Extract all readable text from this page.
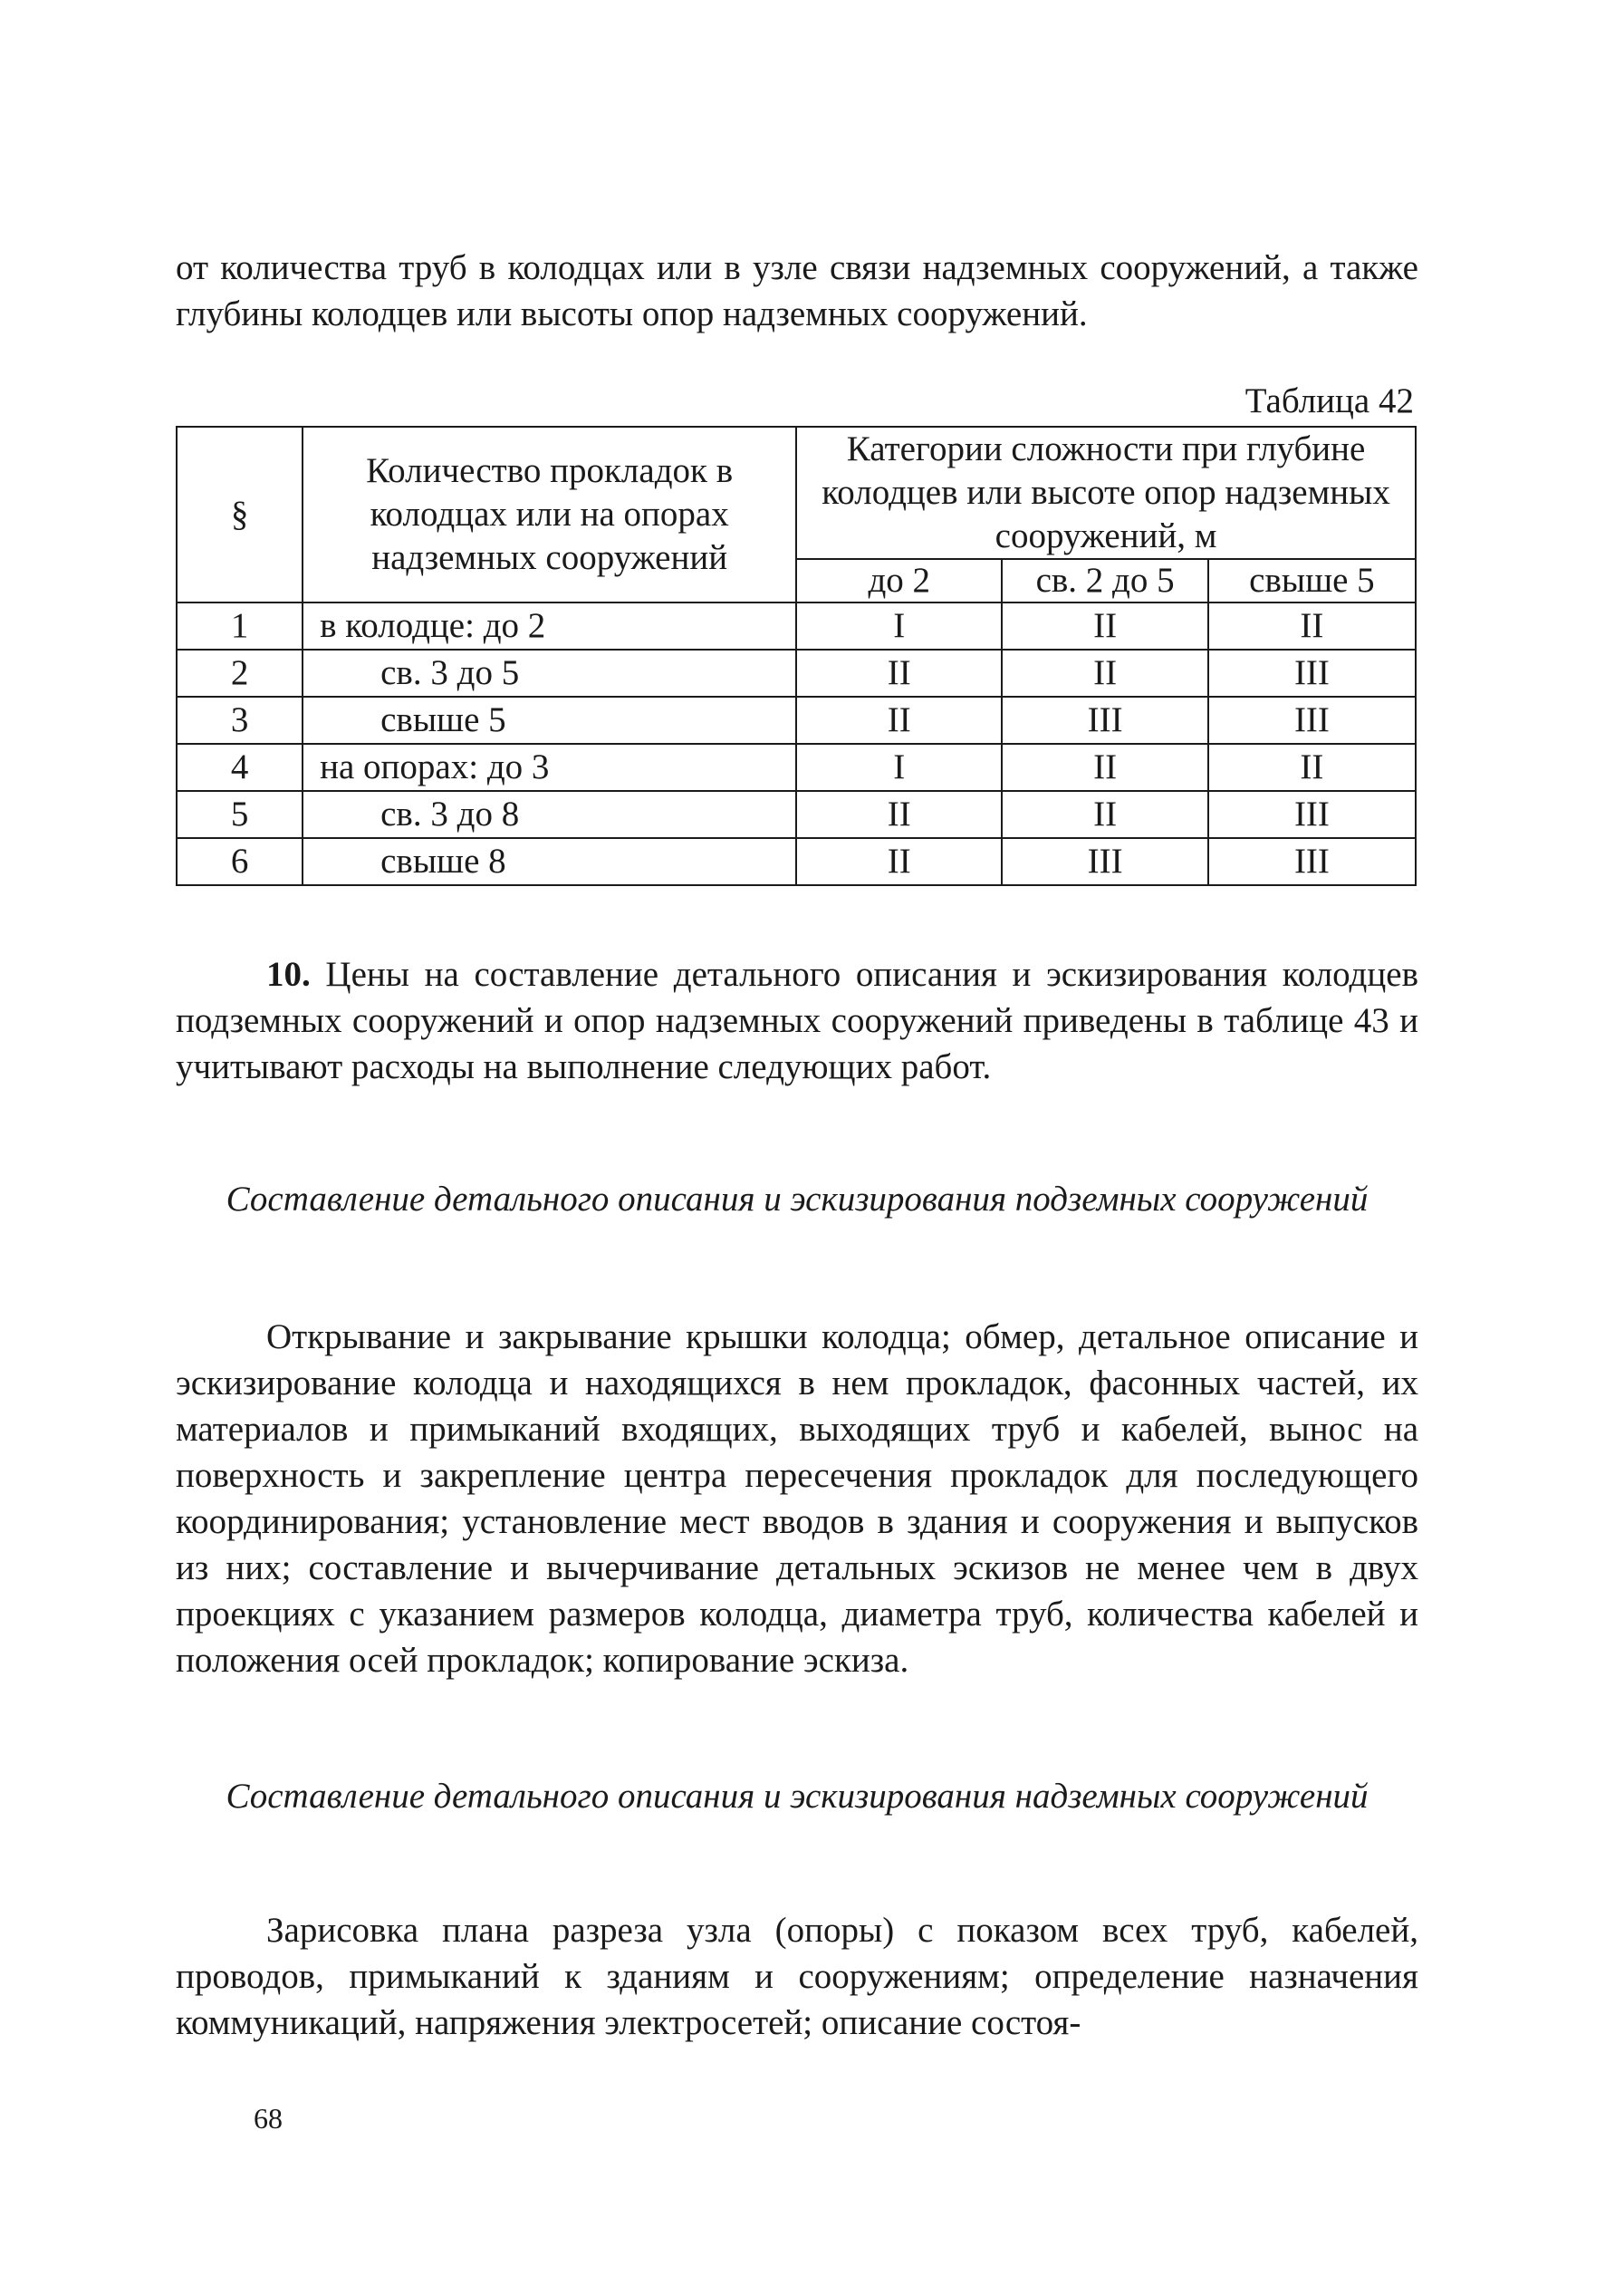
от количества труб в колодцах или в узле связи надземных сооружений, а также глубины колодцев или высоты опор надземных сооружений.

Таблица 42

§	Количество прокладок в колодцах или на опорах надземных сооружений	Категории сложности при глубине колодцев или высоте опор надземных сооружений, м		
		до 2	св. 2 до 5	свыше 5
1	в колодце: до 2	I	II	II
2	св. 3 до 5	II	II	III
3	свыше 5	II	III	III
4	на опорах: до 3	I	II	II
5	св. 3 до 8	II	II	III
6	свыше 8	II	III	III

10. Цены на составление детального описания и эскизирования колодцев подземных сооружений и опор надземных сооружений приведены в таблице 43 и учитывают расходы на выполнение следующих работ.

Составление детального описания и эскизирования подземных сооружений

Открывание и закрывание крышки колодца; обмер, детальное описание и эскизирование колодца и находящихся в нем прокладок, фасонных частей, их материалов и примыканий входящих, выходящих труб и кабелей, вынос на поверхность и закрепление центра пересечения прокладок для последующего координирования; установление мест вводов в здания и сооружения и выпусков из них; составление и вычерчивание детальных эскизов не менее чем в двух проекциях с указанием размеров колодца, диаметра труб, количества кабелей и положения осей прокладок; копирование эскиза.

Составление детального описания и эскизирования надземных сооружений

Зарисовка плана разреза узла (опоры) с показом всех труб, кабелей, проводов, примыканий к зданиям и сооружениям; определение назначения коммуникаций, напряжения электросетей; описание состоя-

68
